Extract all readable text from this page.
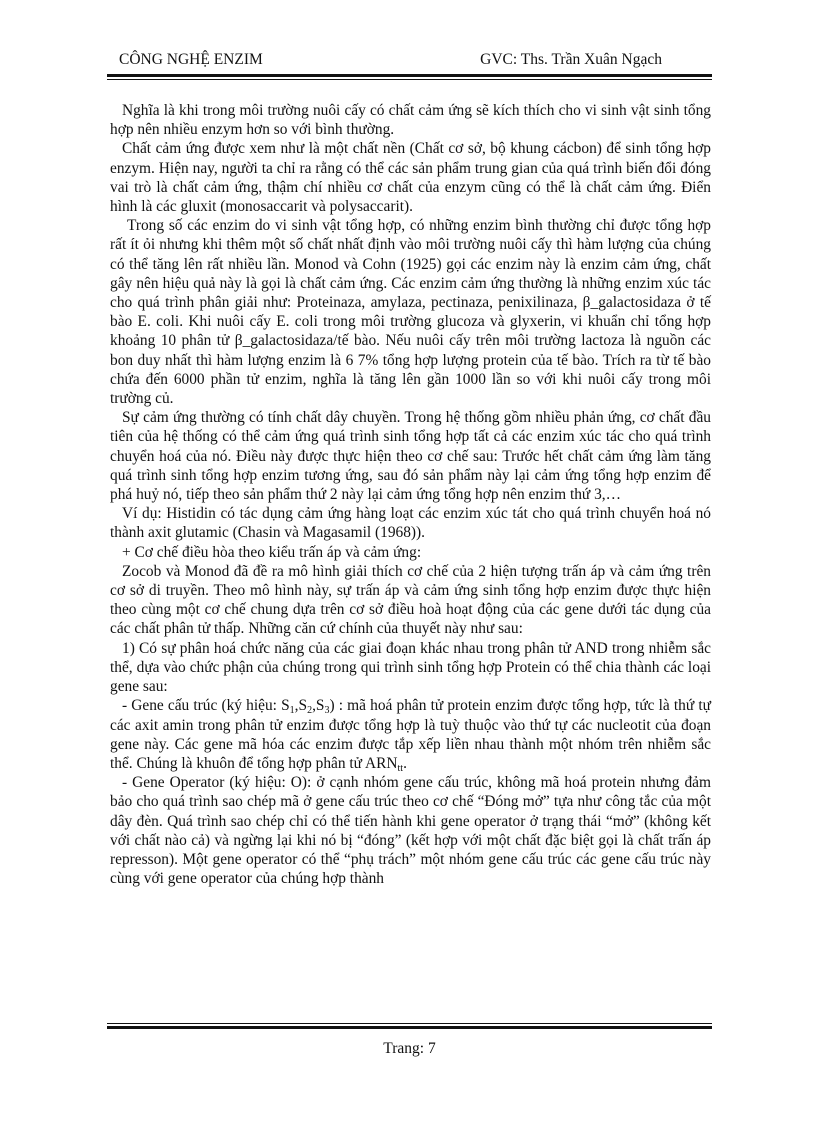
CÔNG NGHỆ ENZIM	GVC: Ths. Trần Xuân Ngạch

Nghĩa là khi trong môi trường nuôi cấy có chất cảm ứng sẽ kích thích cho vi sinh vật sinh tổng hợp nên nhiều enzym hơn so với bình thường.

Chất cảm ứng được xem như là một chất nền (Chất cơ sở, bộ khung cácbon) để sinh tổng hợp enzym. Hiện nay, người ta chỉ ra rằng có thể các sản phẩm trung gian của quá trình biến đổi đóng vai trò là chất cảm ứng, thậm chí nhiều cơ chất của enzym cũng có thể là chất cảm ứng. Điển hình là các gluxit (monosaccarit và polysaccarit).

Trong số các enzim do vi sinh vật tổng hợp, có những enzim bình thường chỉ được tổng hợp rất ít ỏi nhưng khi thêm một số chất nhất định vào môi trường nuôi cấy thì hàm lượng của chúng có thể tăng lên rất nhiều lần. Monod và Cohn (1925) gọi các enzim này là enzim cảm ứng, chất gây nên hiệu quả này là gọi là chất cảm ứng. Các enzim cảm ứng thường là những enzim xúc tác cho quá trình phân giải như: Proteinaza, amylaza, pectinaza, penixilinaza, β_galactosidaza ở tế bào E. coli. Khi nuôi cấy E. coli trong môi trường glucoza và glyxerin, vi khuẩn chỉ tổng hợp khoảng 10 phân tử β_galactosidaza/tế bào. Nếu nuôi cấy trên môi trường lactoza là nguồn các bon duy nhất thì hàm lượng enzim là 6 7% tổng hợp lượng protein của tế bào. Trích ra từ tế bào chứa đến 6000 phần tử enzim, nghĩa là tăng lên gần 1000 lần so với khi nuôi cấy trong môi trường củ.

Sự cảm ứng thường có tính chất dây chuyền. Trong hệ thống gồm nhiều phản ứng, cơ chất đầu tiên của hệ thống có thể cảm ứng quá trình sinh tổng hợp tất cả các enzim xúc tác cho quá trình chuyển hoá của nó. Điều này được thực hiện theo cơ chế sau: Trước hết chất cảm ứng làm tăng quá trình sinh tổng hợp enzim tương ứng, sau đó sản phẩm này lại cảm ứng tổng hợp enzim để phá huỷ nó, tiếp theo sản phẩm thứ 2 này lại cảm ứng tổng hợp nên enzim thứ 3,…

Ví dụ: Histidin có tác dụng cảm ứng hàng loạt các enzim xúc tát cho quá trình chuyển hoá nó thành axit glutamic (Chasin và Magasamil (1968)).

+ Cơ chế điều hòa theo kiểu trấn áp và cảm ứng:

Zocob và Monod đã đề ra mô hình giải thích cơ chế của 2 hiện tượng trấn áp và cảm ứng trên cơ sở di truyền. Theo mô hình này, sự trấn áp và cảm ứng sinh tổng hợp enzim được thực hiện theo cùng một cơ chế chung dựa trên cơ sở điều hoà hoạt động của các gene dưới tác dụng của các chất phân tử thấp. Những căn cứ chính của thuyết này như sau:

1) Có sự phân hoá chức năng của các giai đoạn khác nhau trong phân tử AND trong nhiễm sắc thể, dựa vào chức phận của chúng trong qui trình sinh tổng hợp Protein có thể chia thành các loại gene sau:

- Gene cấu trúc (ký hiệu: $S_1,S_2,S_3$) : mã hoá phân tử protein enzim được tổng hợp, tức là thứ tự các axit amin trong phân tử enzim được tổng hợp là tuỳ thuộc vào thứ tự các nucleotit của đoạn gene này. Các gene mã hóa các enzim được tắp xếp liền nhau thành một nhóm trên nhiễm sắc thể. Chúng là khuôn để tổng hợp phân tử $ARN_{tt}$.

- Gene Operator (ký hiệu: O): ở cạnh nhóm gene cấu trúc, không mã hoá protein nhưng đảm bảo cho quá trình sao chép mã ở gene cấu trúc theo cơ chế “Đóng mở” tựa như công tắc của một dây đèn. Quá trình sao chép chỉ có thể tiến hành khi gene operator ở trạng thái “mở” (không kết với chất nào cả) và ngừng lại khi nó bị “đóng” (kết hợp với một chất đặc biệt gọi là chất trấn áp represson). Một gene operator có thể “phụ trách” một nhóm gene cấu trúc các gene cấu trúc này cùng với gene operator của chúng hợp thành

Trang: 7
